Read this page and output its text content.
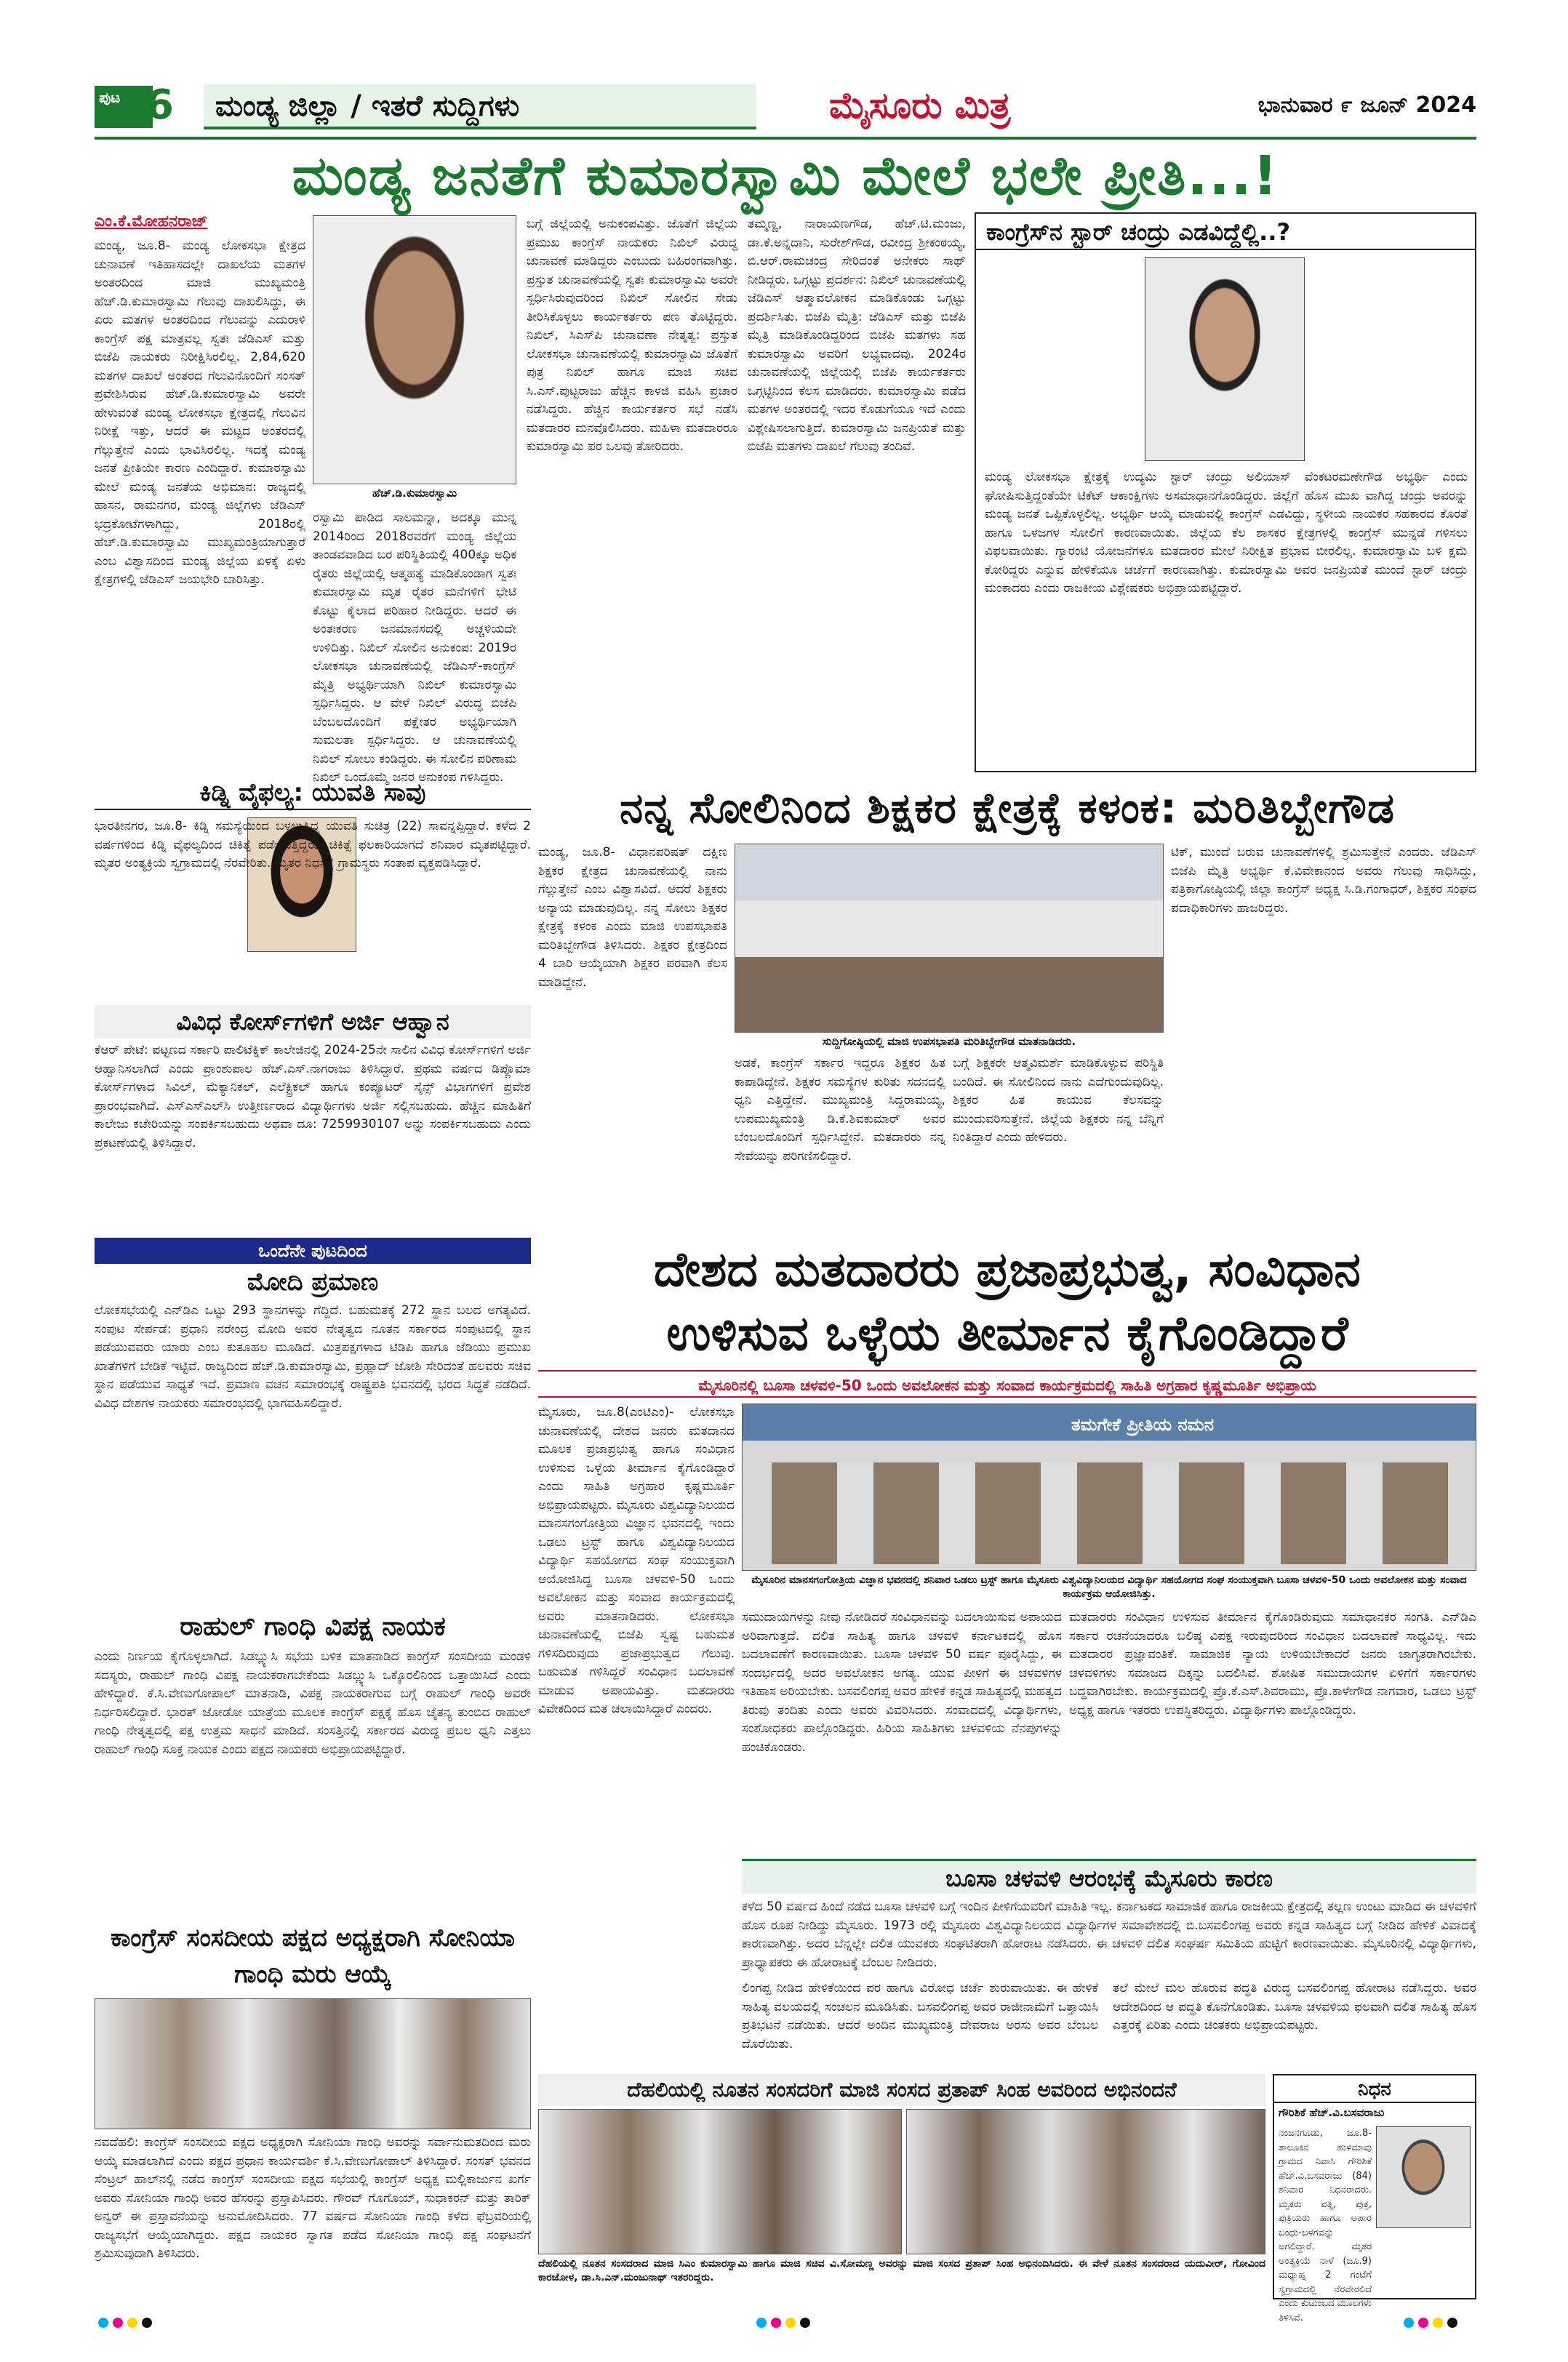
ಪುಟ 6	ಮಂಡ್ಯ ಜಿಲ್ಲಾ / ಇತರೆ ಸುದ್ದಿಗಳು	ಮೈಸೂರು ಮಿತ್ರ	ಭಾನುವಾರ ೯ ಜೂನ್ 2024
ಮಂಡ್ಯ ಜನತೆಗೆ ಕುಮಾರಸ್ವಾಮಿ ಮೇಲೆ ಭಲೇ ಪ್ರೀತಿ...!
ಎಂ.ಕೆ.ಮೋಹನರಾಜ್
ಮಂಡ್ಯ, ಜೂ.8- ಮಂಡ್ಯ ಲೋಕಸಭಾ ಕ್ಷೇತ್ರದ ಚುನಾವಣೆ ಇತಿಹಾಸದಲ್ಲೇ ದಾಖಲೆಯ ಮತಗಳ ಅಂತರದಿಂದ ಮಾಜಿ ಮುಖ್ಯಮಂತ್ರಿ ಹೆಚ್.ಡಿ.ಕುಮಾರಸ್ವಾಮಿ ಗೆಲುವು ದಾಖಲಿಸಿದ್ದು, ಈ ಏರು ಮತಗಳ ಅಂತರದಿಂದ ಗೆಲುವನ್ನು ಎದುರಾಳಿ ಕಾಂಗ್ರೆಸ್ ಪಕ್ಷ ಮಾತ್ರವಲ್ಲ ಸ್ವತಃ ಜೆಡಿಎಸ್ ಮತ್ತು ಬಿಜೆಪಿ ನಾಯಕರು ನಿರೀಕ್ಷಿಸಿರಲಿಲ್ಲ. 2,84,620 ಮತಗಳ ದಾಖಲೆ ಅಂತರದ ಗೆಲುವಿನೊಂದಿಗೆ ಸಂಸತ್ ಪ್ರವೇಶಿಸಿರುವ ಹೆಚ್.ಡಿ.ಕುಮಾರಸ್ವಾಮಿ ಅವರೇ ಹೇಳುವಂತೆ ಮಂಡ್ಯ ಲೋಕಸಭಾ ಕ್ಷೇತ್ರದಲ್ಲಿ ಗೆಲುವಿನ ನಿರೀಕ್ಷೆ ಇತ್ತು, ಆದರೆ ಈ ಮಟ್ಟದ ಅಂತರದಲ್ಲಿ ಗೆಲ್ಲುತ್ತೇನೆ ಎಂದು ಭಾವಿಸಿರಲಿಲ್ಲ. ಇದಕ್ಕೆ ಮಂಡ್ಯ ಜನತೆ ಪ್ರೀತಿಯೇ ಕಾರಣ ಎಂದಿದ್ದಾರೆ. ಕುಮಾರಸ್ವಾಮಿ ಮೇಲೆ ಮಂಡ್ಯ ಜನತೆಯ ಅಭಿಮಾನ: ರಾಜ್ಯದಲ್ಲಿ ಹಾಸನ, ರಾಮನಗರ, ಮಂಡ್ಯ ಜಿಲ್ಲೆಗಳು ಜೆಡಿಎಸ್ ಭದ್ರಕೋಟೆಗಳಾಗಿದ್ದು, 2018ರಲ್ಲಿ ಹೆಚ್.ಡಿ.ಕುಮಾರಸ್ವಾಮಿ ಮುಖ್ಯಮಂತ್ರಿಯಾಗುತ್ತಾರೆ ಎಂಬ ವಿಶ್ವಾಸದಿಂದ ಮಂಡ್ಯ ಜಿಲ್ಲೆಯ ಏಳಕ್ಕೆ ಏಳು ಕ್ಷೇತ್ರಗಳಲ್ಲಿ ಜೆಡಿಎಸ್ ಜಯಭೇರಿ ಬಾರಿಸಿತ್ತು.
ಹೆಚ್.ಡಿ.ಕುಮಾರಸ್ವಾಮಿ
ರಸ್ವಾಮಿ ಪಾಡಿದ ಸಾಲಮನ್ನಾ, ಅದಕ್ಕೂ ಮುನ್ನ 2014ರಿಂದ 2018ರವರೆಗೆ ಮಂಡ್ಯ ಜಿಲ್ಲೆಯ ತಾಂಡವವಾಡಿದ ಬರ ಪರಿಸ್ಥಿತಿಯಲ್ಲಿ 400ಕ್ಕೂ ಅಧಿಕ ರೈತರು ಜಿಲ್ಲೆಯಲ್ಲಿ ಆತ್ಮಹತ್ಯೆ ಮಾಡಿಕೊಂಡಾಗ ಸ್ವತಃ ಕುಮಾರಸ್ವಾಮಿ ಮೃತ ರೈತರ ಮನೆಗಳಿಗೆ ಭೇಟಿ ಕೊಟ್ಟು ಕೈಲಾದ ಪರಿಹಾರ ನೀಡಿದ್ದರು. ಆದರೆ ಈ ಅಂತಃಕರಣ ಜನಮಾನಸದಲ್ಲಿ ಅಚ್ಚಳಿಯದೇ ಉಳಿದಿತ್ತು. ನಿಖಿಲ್ ಸೋಲಿನ ಅನುಕಂಪ: 2019ರ ಲೋಕಸಭಾ ಚುನಾವಣೆಯಲ್ಲಿ ಜೆಡಿಎಸ್-ಕಾಂಗ್ರೆಸ್ ಮೈತ್ರಿ ಅಭ್ಯರ್ಥಿಯಾಗಿ ನಿಖಿಲ್ ಕುಮಾರಸ್ವಾಮಿ ಸ್ಪರ್ಧಿಸಿದ್ದರು. ಆ ವೇಳೆ ನಿಖಿಲ್ ವಿರುದ್ಧ ಬಿಜೆಪಿ ಬೆಂಬಲದೊಂದಿಗೆ ಪಕ್ಷೇತರ ಅಭ್ಯರ್ಥಿಯಾಗಿ ಸುಮಲತಾ ಸ್ಪರ್ಧಿಸಿದ್ದರು. ಆ ಚುನಾವಣೆಯಲ್ಲಿ ನಿಖಿಲ್ ಸೋಲು ಕಂಡಿದ್ದರು. ಈ ಸೋಲಿನ ಪರಿಣಾಮ ನಿಖಿಲ್ ಒಂದೊಮ್ಮೆ ಜನರ ಅನುಕಂಪ ಗಳಿಸಿದ್ದರು.
ಬಗ್ಗೆ ಜಿಲ್ಲೆಯಲ್ಲಿ ಅನುಕಂಪವಿತ್ತು. ಜೊತೆಗೆ ಜಿಲ್ಲೆಯ ಪ್ರಮುಖ ಕಾಂಗ್ರೆಸ್ ನಾಯಕರು ನಿಖಿಲ್ ವಿರುದ್ಧ ಚುನಾವಣೆ ಮಾಡಿದ್ದರು ಎಂಬುದು ಬಹಿರಂಗವಾಗಿತ್ತು. ಪ್ರಸ್ತುತ ಚುನಾವಣೆಯಲ್ಲಿ ಸ್ವತಃ ಕುಮಾರಸ್ವಾಮಿ ಅವರೇ ಸ್ಪರ್ಧಿಸಿರುವುದರಿಂದ ನಿಖಿಲ್ ಸೋಲಿನ ಸೇಡು ತೀರಿಸಿಕೊಳ್ಳಲು ಕಾರ್ಯಕರ್ತರು ಪಣ ತೊಟ್ಟಿದ್ದರು. ನಿಖಿಲ್, ಸಿಎಸ್‌ಪಿ ಚುನಾವಣಾ ನೇತೃತ್ವ: ಪ್ರಸ್ತುತ ಲೋಕಸಭಾ ಚುನಾವಣೆಯಲ್ಲಿ ಕುಮಾರಸ್ವಾಮಿ ಜೊತೆಗೆ ಪುತ್ರ ನಿಖಿಲ್ ಹಾಗೂ ಮಾಜಿ ಸಚಿವ ಸಿ.ಎಸ್.ಪುಟ್ಟರಾಜು ಹೆಚ್ಚಿನ ಕಾಳಜಿ ವಹಿಸಿ ಪ್ರಚಾರ ನಡೆಸಿದ್ದರು. ಹೆಚ್ಚಿನ ಕಾರ್ಯಕರ್ತರ ಸಭೆ ನಡೆಸಿ ಮತದಾರರ ಮನವೊಲಿಸಿದರು. ಮಹಿಳಾ ಮತದಾರರೂ ಕುಮಾರಸ್ವಾಮಿ ಪರ ಒಲವು ತೋರಿದರು.
ತಮ್ಮಣ್ಣ, ನಾರಾಯಣಗೌಡ, ಹೆಚ್.ಟಿ.ಮಂಜು, ಡಾ.ಕೆ.ಅನ್ನದಾನಿ, ಸುರೇಶ್‌ಗೌಡ, ರವೀಂದ್ರ ಶ್ರೀಕಂಠಯ್ಯ, ಬಿ.ಆರ್.ರಾಮಚಂದ್ರ ಸೇರಿದಂತೆ ಅನೇಕರು ಸಾಥ್ ನೀಡಿದ್ದರು. ಒಗ್ಗಟ್ಟು ಪ್ರದರ್ಶನ: ನಿಖಿಲ್ ಚುನಾವಣೆಯಲ್ಲಿ ಜೆಡಿಎಸ್ ಆತ್ಮಾವಲೋಕನ ಮಾಡಿಕೊಂಡು ಒಗ್ಗಟ್ಟು ಪ್ರದರ್ಶಿಸಿತು. ಬಿಜೆಪಿ ಮೈತ್ರಿ: ಜೆಡಿಎಸ್ ಮತ್ತು ಬಿಜೆಪಿ ಮೈತ್ರಿ ಮಾಡಿಕೊಂಡಿದ್ದರಿಂದ ಬಿಜೆಪಿ ಮತಗಳು ಸಹ ಕುಮಾರಸ್ವಾಮಿ ಅವರಿಗೆ ಲಭ್ಯವಾದವು. 2024ರ ಚುನಾವಣೆಯಲ್ಲಿ ಜಿಲ್ಲೆಯಲ್ಲಿ ಬಿಜೆಪಿ ಕಾರ್ಯಕರ್ತರು ಒಗ್ಗಟ್ಟಿನಿಂದ ಕೆಲಸ ಮಾಡಿದರು. ಕುಮಾರಸ್ವಾಮಿ ಪಡೆದ ಮತಗಳ ಅಂತರದಲ್ಲಿ ಇದರ ಕೊಡುಗೆಯೂ ಇದೆ ಎಂದು ವಿಶ್ಲೇಷಿಸಲಾಗುತ್ತಿದೆ. ಕುಮಾರಸ್ವಾಮಿ ಜನಪ್ರಿಯತೆ ಮತ್ತು ಬಿಜೆಪಿ ಮತಗಳು ದಾಖಲೆ ಗೆಲುವು ತಂದಿವೆ.
ಕಾಂಗ್ರೆಸ್‌ನ ಸ್ಟಾರ್ ಚಂದ್ರು ಎಡವಿದ್ದೆಲ್ಲಿ..?
ಮಂಡ್ಯ ಲೋಕಸಭಾ ಕ್ಷೇತ್ರಕ್ಕೆ ಉದ್ಯಮಿ ಸ್ಟಾರ್ ಚಂದ್ರು ಅಲಿಯಾಸ್ ವೆಂಕಟರಮಣೇಗೌಡ ಅಭ್ಯರ್ಥಿ ಎಂದು ಘೋಷಿಸುತ್ತಿದ್ದಂತೆಯೇ ಟಿಕೆಟ್ ಆಕಾಂಕ್ಷಿಗಳು ಅಸಮಾಧಾನಗೊಂಡಿದ್ದರು. ಜಿಲ್ಲೆಗೆ ಹೊಸ ಮುಖ ವಾಗಿದ್ದ ಚಂದ್ರು ಅವರನ್ನು ಮಂಡ್ಯ ಜನತೆ ಒಪ್ಪಿಕೊಳ್ಳಲಿಲ್ಲ. ಅಭ್ಯರ್ಥಿ ಆಯ್ಕೆ ಮಾಡುವಲ್ಲಿ ಕಾಂಗ್ರೆಸ್ ಎಡವಿದ್ದು, ಸ್ಥಳೀಯ ನಾಯಕರ ಸಹಕಾರದ ಕೊರತೆ ಹಾಗೂ ಒಳಜಗಳ ಸೋಲಿಗೆ ಕಾರಣವಾಯಿತು. ಜಿಲ್ಲೆಯ ಕೆಲ ಶಾಸಕರ ಕ್ಷೇತ್ರಗಳಲ್ಲಿ ಕಾಂಗ್ರೆಸ್ ಮುನ್ನಡೆ ಗಳಿಸಲು ವಿಫಲವಾಯಿತು. ಗ್ಯಾರಂಟಿ ಯೋಜನೆಗಳೂ ಮತದಾರರ ಮೇಲೆ ನಿರೀಕ್ಷಿತ ಪ್ರಭಾವ ಬೀರಲಿಲ್ಲ. ಕುಮಾರಸ್ವಾಮಿ ಬಳಿ ಕ್ಷಮೆ ಕೋರಿದ್ದರು ಎನ್ನುವ ಹೇಳಿಕೆಯೂ ಚರ್ಚೆಗೆ ಕಾರಣವಾಗಿತ್ತು. ಕುಮಾರಸ್ವಾಮಿ ಅವರ ಜನಪ್ರಿಯತೆ ಮುಂದೆ ಸ್ಟಾರ್ ಚಂದ್ರು ಮಂಕಾದರು ಎಂದು ರಾಜಕೀಯ ವಿಶ್ಲೇಷಕರು ಅಭಿಪ್ರಾಯಪಟ್ಟಿದ್ದಾರೆ.
ಕಿಡ್ನಿ ವೈಫಲ್ಯ: ಯುವತಿ ಸಾವು
ಭಾರತೀನಗರ, ಜೂ.8- ಕಿಡ್ನಿ ಸಮಸ್ಯೆಯಿಂದ ಬಳಲುತ್ತಿದ್ದ ಯುವತಿ ಸುಚಿತ್ರ (22) ಸಾವನ್ನಪ್ಪಿದ್ದಾರೆ. ಕಳೆದ 2 ವರ್ಷಗಳಿಂದ ಕಿಡ್ನಿ ವೈಫಲ್ಯದಿಂದ ಚಿಕಿತ್ಸೆ ಪಡೆಯುತ್ತಿದ್ದರು. ಚಿಕಿತ್ಸೆ ಫಲಕಾರಿಯಾಗದೆ ಶನಿವಾರ ಮೃತಪಟ್ಟಿದ್ದಾರೆ. ಮೃತರ ಅಂತ್ಯಕ್ರಿಯೆ ಸ್ವಗ್ರಾಮದಲ್ಲಿ ನೆರವೇರಿತು. ಮೃತರ ನಿಧನಕ್ಕೆ ಗ್ರಾಮಸ್ಥರು ಸಂತಾಪ ವ್ಯಕ್ತಪಡಿಸಿದ್ದಾರೆ.
ವಿವಿಧ ಕೋರ್ಸ್‌ಗಳಿಗೆ ಅರ್ಜಿ ಆಹ್ವಾನ
ಕೆಆರ್ ಪೇಟೆ: ಪಟ್ಟಣದ ಸರ್ಕಾರಿ ಪಾಲಿಟೆಕ್ನಿಕ್ ಕಾಲೇಜಿನಲ್ಲಿ 2024-25ನೇ ಸಾಲಿನ ವಿವಿಧ ಕೋರ್ಸ್‌ಗಳಿಗೆ ಅರ್ಜಿ ಆಹ್ವಾನಿಸಲಾಗಿದೆ ಎಂದು ಪ್ರಾಂಶುಪಾಲ ಹೆಚ್.ಎಸ್.ನಾಗರಾಜು ತಿಳಿಸಿದ್ದಾರೆ. ಪ್ರಥಮ ವರ್ಷದ ಡಿಪ್ಲೊಮಾ ಕೋರ್ಸ್‌ಗಳಾದ ಸಿವಿಲ್, ಮೆಕ್ಯಾನಿಕಲ್, ಎಲೆಕ್ಟ್ರಿಕಲ್ ಹಾಗೂ ಕಂಪ್ಯೂಟರ್ ಸೈನ್ಸ್ ವಿಭಾಗಗಳಿಗೆ ಪ್ರವೇಶ ಪ್ರಾರಂಭವಾಗಿದೆ. ಎಸ್‌ಎಸ್‌ಎಲ್‌ಸಿ ಉತ್ತೀರ್ಣರಾದ ವಿದ್ಯಾರ್ಥಿಗಳು ಅರ್ಜಿ ಸಲ್ಲಿಸಬಹುದು. ಹೆಚ್ಚಿನ ಮಾಹಿತಿಗೆ ಕಾಲೇಜು ಕಚೇರಿಯನ್ನು ಸಂಪರ್ಕಿಸಬಹುದು ಅಥವಾ ದೂ: 7259930107 ಅನ್ನು ಸಂಪರ್ಕಿಸಬಹುದು ಎಂದು ಪ್ರಕಟಣೆಯಲ್ಲಿ ತಿಳಿಸಿದ್ದಾರೆ.
ನನ್ನ ಸೋಲಿನಿಂದ ಶಿಕ್ಷಕರ ಕ್ಷೇತ್ರಕ್ಕೆ ಕಳಂಕ: ಮರಿತಿಬ್ಬೇಗೌಡ
ಮಂಡ್ಯ, ಜೂ.8- ವಿಧಾನಪರಿಷತ್ ದಕ್ಷಿಣ ಶಿಕ್ಷಕರ ಕ್ಷೇತ್ರದ ಚುನಾವಣೆಯಲ್ಲಿ ನಾನು ಗೆಲ್ಲುತ್ತೇನೆ ಎಂಬ ವಿಶ್ವಾಸವಿದೆ. ಆದರೆ ಶಿಕ್ಷಕರು ಅನ್ಯಾಯ ಮಾಡುವುದಿಲ್ಲ. ನನ್ನ ಸೋಲು ಶಿಕ್ಷಕರ ಕ್ಷೇತ್ರಕ್ಕೆ ಕಳಂಕ ಎಂದು ಮಾಜಿ ಉಪಸಭಾಪತಿ ಮರಿತಿಬ್ಬೇಗೌಡ ತಿಳಿಸಿದರು. ಶಿಕ್ಷಕರ ಕ್ಷೇತ್ರದಿಂದ 4 ಬಾರಿ ಆಯ್ಕೆಯಾಗಿ ಶಿಕ್ಷಕರ ಪರವಾಗಿ ಕೆಲಸ ಮಾಡಿದ್ದೇನೆ.
ಸುದ್ದಿಗೋಷ್ಠಿಯಲ್ಲಿ ಮಾಜಿ ಉಪಸಭಾಪತಿ ಮರಿತಿಬ್ಬೇಗೌಡ ಮಾತನಾಡಿದರು.
ಅಡಕೆ, ಕಾಂಗ್ರೆಸ್ ಸರ್ಕಾರ ಇದ್ದರೂ ಶಿಕ್ಷಕರ ಹಿತ ಕಾಪಾಡಿದ್ದೇನೆ. ಶಿಕ್ಷಕರ ಸಮಸ್ಯೆಗಳ ಕುರಿತು ಸದನದಲ್ಲಿ ಧ್ವನಿ ಎತ್ತಿದ್ದೇನೆ. ಮುಖ್ಯಮಂತ್ರಿ ಸಿದ್ದರಾಮಯ್ಯ, ಉಪಮುಖ್ಯಮಂತ್ರಿ ಡಿ.ಕೆ.ಶಿವಕುಮಾರ್ ಅವರ ಬೆಂಬಲದೊಂದಿಗೆ ಸ್ಪರ್ಧಿಸಿದ್ದೇನೆ. ಮತದಾರರು ನನ್ನ ಸೇವೆಯನ್ನು ಪರಿಗಣಿಸಲಿದ್ದಾರೆ.
ಬಗ್ಗೆ ಶಿಕ್ಷಕರೇ ಆತ್ಮವಿಮರ್ಶೆ ಮಾಡಿಕೊಳ್ಳುವ ಪರಿಸ್ಥಿತಿ ಬಂದಿದೆ. ಈ ಸೋಲಿನಿಂದ ನಾನು ಎದೆಗುಂದುವುದಿಲ್ಲ. ಶಿಕ್ಷಕರ ಹಿತ ಕಾಯುವ ಕೆಲಸವನ್ನು ಮುಂದುವರಿಸುತ್ತೇನೆ. ಜಿಲ್ಲೆಯ ಶಿಕ್ಷಕರು ನನ್ನ ಬೆನ್ನಿಗೆ ನಿಂತಿದ್ದಾರೆ ಎಂದು ಹೇಳಿದರು.
ಟಿಕ್, ಮುಂದೆ ಬರುವ ಚುನಾವಣೆಗಳಲ್ಲಿ ಶ್ರಮಿಸುತ್ತೇನೆ ಎಂದರು. ಜೆಡಿಎಸ್ ಬಿಜೆಪಿ ಮೈತ್ರಿ ಅಭ್ಯರ್ಥಿ ಕೆ.ವಿವೇಕಾನಂದ ಅವರು ಗೆಲುವು ಸಾಧಿಸಿದ್ದು, ಪತ್ರಿಕಾಗೋಷ್ಠಿಯಲ್ಲಿ ಜಿಲ್ಲಾ ಕಾಂಗ್ರೆಸ್ ಅಧ್ಯಕ್ಷ ಸಿ.ಡಿ.ಗಂಗಾಧರ್, ಶಿಕ್ಷಕರ ಸಂಘದ ಪದಾಧಿಕಾರಿಗಳು ಹಾಜರಿದ್ದರು.
ಒಂದೆನೇ ಪುಟದಿಂದ
ಮೋದಿ ಪ್ರಮಾಣ
ಲೋಕಸಭೆಯಲ್ಲಿ ಎನ್‌ಡಿಎ ಒಟ್ಟು 293 ಸ್ಥಾನಗಳನ್ನು ಗೆದ್ದಿದೆ. ಬಹುಮತಕ್ಕೆ 272 ಸ್ಥಾನ ಬಲದ ಅಗತ್ಯವಿದೆ. ಸಂಪುಟ ಸೇರ್ಪಡೆ: ಪ್ರಧಾನಿ ನರೇಂದ್ರ ಮೋದಿ ಅವರ ನೇತೃತ್ವದ ನೂತನ ಸರ್ಕಾರದ ಸಂಪುಟದಲ್ಲಿ ಸ್ಥಾನ ಪಡೆಯುವವರು ಯಾರು ಎಂಬ ಕುತೂಹಲ ಮೂಡಿದೆ. ಮಿತ್ರಪಕ್ಷಗಳಾದ ಟಿಡಿಪಿ ಹಾಗೂ ಜೆಡಿಯು ಪ್ರಮುಖ ಖಾತೆಗಳಿಗೆ ಬೇಡಿಕೆ ಇಟ್ಟಿವೆ. ರಾಜ್ಯದಿಂದ ಹೆಚ್.ಡಿ.ಕುಮಾರಸ್ವಾಮಿ, ಪ್ರಹ್ಲಾದ್ ಜೋಶಿ ಸೇರಿದಂತೆ ಹಲವರು ಸಚಿವ ಸ್ಥಾನ ಪಡೆಯುವ ಸಾಧ್ಯತೆ ಇದೆ. ಪ್ರಮಾಣ ವಚನ ಸಮಾರಂಭಕ್ಕೆ ರಾಷ್ಟ್ರಪತಿ ಭವನದಲ್ಲಿ ಭರದ ಸಿದ್ಧತೆ ನಡೆದಿದೆ. ವಿವಿಧ ದೇಶಗಳ ನಾಯಕರು ಸಮಾರಂಭದಲ್ಲಿ ಭಾಗವಹಿಸಲಿದ್ದಾರೆ.
ರಾಹುಲ್ ಗಾಂಧಿ ವಿಪಕ್ಷ ನಾಯಕ
ಎಂದು ನಿರ್ಣಯ ಕೈಗೊಳ್ಳಲಾಗಿದೆ. ಸಿಡಬ್ಲ್ಯುಸಿ ಸಭೆಯ ಬಳಿಕ ಮಾತನಾಡಿದ ಕಾಂಗ್ರೆಸ್ ಸಂಸದೀಯ ಮಂಡಳಿ ಸದಸ್ಯರು, ರಾಹುಲ್ ಗಾಂಧಿ ವಿಪಕ್ಷ ನಾಯಕರಾಗಬೇಕೆಂದು ಸಿಡಬ್ಲ್ಯುಸಿ ಒಕ್ಕೊರಲಿನಿಂದ ಒತ್ತಾಯಿಸಿದೆ ಎಂದು ಹೇಳಿದ್ದಾರೆ. ಕೆ.ಸಿ.ವೇಣುಗೋಪಾಲ್ ಮಾತನಾಡಿ, ವಿಪಕ್ಷ ನಾಯಕರಾಗುವ ಬಗ್ಗೆ ರಾಹುಲ್ ಗಾಂಧಿ ಅವರೇ ನಿರ್ಧರಿಸಲಿದ್ದಾರೆ. ಭಾರತ್ ಜೋಡೋ ಯಾತ್ರೆಯ ಮೂಲಕ ಕಾಂಗ್ರೆಸ್ ಪಕ್ಷಕ್ಕೆ ಹೊಸ ಚೈತನ್ಯ ತುಂಬಿದ ರಾಹುಲ್ ಗಾಂಧಿ ನೇತೃತ್ವದಲ್ಲಿ ಪಕ್ಷ ಉತ್ತಮ ಸಾಧನೆ ಮಾಡಿದೆ. ಸಂಸತ್ತಿನಲ್ಲಿ ಸರ್ಕಾರದ ವಿರುದ್ಧ ಪ್ರಬಲ ಧ್ವನಿ ಎತ್ತಲು ರಾಹುಲ್ ಗಾಂಧಿ ಸೂಕ್ತ ನಾಯಕ ಎಂದು ಪಕ್ಷದ ನಾಯಕರು ಅಭಿಪ್ರಾಯಪಟ್ಟಿದ್ದಾರೆ.
ಕಾಂಗ್ರೆಸ್ ಸಂಸದೀಯ ಪಕ್ಷದ ಅಧ್ಯಕ್ಷರಾಗಿ ಸೋನಿಯಾ ಗಾಂಧಿ ಮರು ಆಯ್ಕೆ
ನವದೆಹಲಿ: ಕಾಂಗ್ರೆಸ್ ಸಂಸದೀಯ ಪಕ್ಷದ ಅಧ್ಯಕ್ಷರಾಗಿ ಸೋನಿಯಾ ಗಾಂಧಿ ಅವರನ್ನು ಸರ್ವಾನುಮತದಿಂದ ಮರು ಆಯ್ಕೆ ಮಾಡಲಾಗಿದೆ ಎಂದು ಪಕ್ಷದ ಪ್ರಧಾನ ಕಾರ್ಯದರ್ಶಿ ಕೆ.ಸಿ.ವೇಣುಗೋಪಾಲ್ ತಿಳಿಸಿದ್ದಾರೆ. ಸಂಸತ್ ಭವನದ ಸೆಂಟ್ರಲ್ ಹಾಲ್‌ನಲ್ಲಿ ನಡೆದ ಕಾಂಗ್ರೆಸ್ ಸಂಸದೀಯ ಪಕ್ಷದ ಸಭೆಯಲ್ಲಿ ಕಾಂಗ್ರೆಸ್ ಅಧ್ಯಕ್ಷ ಮಲ್ಲಿಕಾರ್ಜುನ ಖರ್ಗೆ ಅವರು ಸೋನಿಯಾ ಗಾಂಧಿ ಅವರ ಹೆಸರನ್ನು ಪ್ರಸ್ತಾಪಿಸಿದರು. ಗೌರವ್ ಗೊಗೊಯ್, ಸುಧಾಕರನ್ ಮತ್ತು ತಾರಿಕ್ ಅನ್ವರ್ ಈ ಪ್ರಸ್ತಾವನೆಯನ್ನು ಅನುಮೋದಿಸಿದರು. 77 ವರ್ಷದ ಸೋನಿಯಾ ಗಾಂಧಿ ಕಳೆದ ಫೆಬ್ರವರಿಯಲ್ಲಿ ರಾಜ್ಯಸಭೆಗೆ ಆಯ್ಕೆಯಾಗಿದ್ದರು. ಪಕ್ಷದ ನಾಯಕರ ಸ್ವಾಗತ ಪಡೆದ ಸೋನಿಯಾ ಗಾಂಧಿ ಪಕ್ಷ ಸಂಘಟನೆಗೆ ಶ್ರಮಿಸುವುದಾಗಿ ತಿಳಿಸಿದರು.
ದೇಶದ ಮತದಾರರು ಪ್ರಜಾಪ್ರಭುತ್ವ, ಸಂವಿಧಾನ
ಉಳಿಸುವ ಒಳ್ಳೆಯ ತೀರ್ಮಾನ ಕೈಗೊಂಡಿದ್ದಾರೆ
ಮೈಸೂರಿನಲ್ಲಿ ಬೂಸಾ ಚಳವಳಿ-50 ಒಂದು ಅವಲೋಕನ ಮತ್ತು ಸಂವಾದ ಕಾರ್ಯಕ್ರಮದಲ್ಲಿ ಸಾಹಿತಿ ಅಗ್ರಹಾರ ಕೃಷ್ಣಮೂರ್ತಿ ಅಭಿಪ್ರಾಯ
ಮೈಸೂರು, ಜೂ.8(ಎಂಟಿಎಂ)- ಲೋಕಸಭಾ ಚುನಾವಣೆಯಲ್ಲಿ ದೇಶದ ಜನರು ಮತದಾನದ ಮೂಲಕ ಪ್ರಜಾಪ್ರಭುತ್ವ ಹಾಗೂ ಸಂವಿಧಾನ ಉಳಿಸುವ ಒಳ್ಳೆಯ ತೀರ್ಮಾನ ಕೈಗೊಂಡಿದ್ದಾರೆ ಎಂದು ಸಾಹಿತಿ ಅಗ್ರಹಾರ ಕೃಷ್ಣಮೂರ್ತಿ ಅಭಿಪ್ರಾಯಪಟ್ಟರು. ಮೈಸೂರು ವಿಶ್ವವಿದ್ಯಾನಿಲಯದ ಮಾನಸಗಂಗೋತ್ರಿಯ ವಿಜ್ಞಾನ ಭವನದಲ್ಲಿ ಇಂದು ಒಡಲು ಟ್ರಸ್ಟ್ ಹಾಗೂ ವಿಶ್ವವಿದ್ಯಾನಿಲಯದ ವಿದ್ಯಾರ್ಥಿ ಸಹಯೋಗದ ಸಂಘ ಸಂಯುಕ್ತವಾಗಿ ಆಯೋಜಿಸಿದ್ದ ಬೂಸಾ ಚಳವಳಿ-50 ಒಂದು ಅವಲೋಕನ ಮತ್ತು ಸಂವಾದ ಕಾರ್ಯಕ್ರಮದಲ್ಲಿ ಅವರು ಮಾತನಾಡಿದರು. ಲೋಕಸಭಾ ಚುನಾವಣೆಯಲ್ಲಿ ಬಿಜೆಪಿ ಸ್ವಷ್ಟ ಬಹುಮತ ಗಳಿಸದಿರುವುದು ಪ್ರಜಾಪ್ರಭುತ್ವದ ಗೆಲುವು. ಬಹುಮತ ಗಳಿಸಿದ್ದರೆ ಸಂವಿಧಾನ ಬದಲಾವಣೆ ಮಾಡುವ ಅಪಾಯವಿತ್ತು. ಮತದಾರರು ವಿವೇಕದಿಂದ ಮತ ಚಲಾಯಿಸಿದ್ದಾರೆ ಎಂದರು.
ತಮಗೇಕೆ ಪ್ರೀತಿಯ ನಮನ
ಮೈಸೂರಿನ ಮಾನಸಗಂಗೋತ್ರಿಯ ವಿಜ್ಞಾನ ಭವನದಲ್ಲಿ ಶನಿವಾರ ಒಡಲು ಟ್ರಸ್ಟ್ ಹಾಗೂ ಮೈಸೂರು ವಿಶ್ವವಿದ್ಯಾನಿಲಯದ ವಿದ್ಯಾರ್ಥಿ ಸಹಯೋಗದ ಸಂಘ ಸಂಯುಕ್ತವಾಗಿ ಬೂಸಾ ಚಳವಳಿ-50 ಒಂದು ಅವಲೋಕನ ಮತ್ತು ಸಂವಾದ ಕಾರ್ಯಕ್ರಮ ಆಯೋಜಿಸಿತ್ತು.
ಸಮುದಾಯಗಳನ್ನು ನೀವು ನೋಡಿದರೆ ಸಂವಿಧಾನವನ್ನು ಬದಲಾಯಿಸುವ ಅಪಾಯದ ಅರಿವಾಗುತ್ತದೆ. ದಲಿತ ಸಾಹಿತ್ಯ ಹಾಗೂ ಚಳವಳಿ ಕರ್ನಾಟಕದಲ್ಲಿ ಹೊಸ ಬದಲಾವಣೆಗೆ ಕಾರಣವಾಯಿತು. ಬೂಸಾ ಚಳವಳಿ 50 ವರ್ಷ ಪೂರೈಸಿದ್ದು, ಈ ಸಂದರ್ಭದಲ್ಲಿ ಅದರ ಅವಲೋಕನ ಅಗತ್ಯ. ಯುವ ಪೀಳಿಗೆ ಈ ಚಳವಳಿಗಳ ಇತಿಹಾಸ ಅರಿಯಬೇಕು. ಬಸವಲಿಂಗಪ್ಪ ಅವರ ಹೇಳಿಕೆ ಕನ್ನಡ ಸಾಹಿತ್ಯದಲ್ಲಿ ಮಹತ್ವದ ತಿರುವು ತಂದಿತು ಎಂದು ಅವರು ವಿವರಿಸಿದರು. ಸಂವಾದದಲ್ಲಿ ವಿದ್ಯಾರ್ಥಿಗಳು, ಸಂಶೋಧಕರು ಪಾಲ್ಗೊಂಡಿದ್ದರು. ಹಿರಿಯ ಸಾಹಿತಿಗಳು ಚಳವಳಿಯ ನೆನಪುಗಳನ್ನು ಹಂಚಿಕೊಂಡರು.
ಬೂಸಾ ಚಳವಳಿ ಆರಂಭಕ್ಕೆ ಮೈಸೂರು ಕಾರಣ
ಕಳೆದ 50 ವರ್ಷದ ಹಿಂದೆ ನಡೆದ ಬೂಸಾ ಚಳವಳಿ ಬಗ್ಗೆ ಇಂದಿನ ಪೀಳಿಗೆಯವರಿಗೆ ಮಾಹಿತಿ ಇಲ್ಲ. ಕರ್ನಾಟಕದ ಸಾಮಾಜಿಕ ಹಾಗೂ ರಾಜಕೀಯ ಕ್ಷೇತ್ರದಲ್ಲಿ ತಲ್ಲಣ ಉಂಟು ಮಾಡಿದ ಈ ಚಳವಳಿಗೆ ಹೊಸ ರೂಪ ನೀಡಿದ್ದು ಮೈಸೂರು. 1973 ರಲ್ಲಿ ಮೈಸೂರು ವಿಶ್ವವಿದ್ಯಾನಿಲಯದ ವಿದ್ಯಾರ್ಥಿಗಳ ಸಮಾವೇಶದಲ್ಲಿ ಬಿ.ಬಸವಲಿಂಗಪ್ಪ ಅವರು ಕನ್ನಡ ಸಾಹಿತ್ಯದ ಬಗ್ಗೆ ನೀಡಿದ ಹೇಳಿಕೆ ವಿವಾದಕ್ಕೆ ಕಾರಣವಾಗಿತ್ತು. ಅದರ ಬೆನ್ನಲ್ಲೇ ದಲಿತ ಯುವಕರು ಸಂಘಟಿತರಾಗಿ ಹೋರಾಟ ನಡೆಸಿದರು. ಈ ಚಳವಳಿ ದಲಿತ ಸಂಘರ್ಷ ಸಮಿತಿಯ ಹುಟ್ಟಿಗೆ ಕಾರಣವಾಯಿತು. ಮೈಸೂರಿನಲ್ಲಿ ವಿದ್ಯಾರ್ಥಿಗಳು, ಪ್ರಾಧ್ಯಾಪಕರು ಈ ಹೋರಾಟಕ್ಕೆ ಬೆಂಬಲ ನೀಡಿದರು.
ಲಿಂಗಪ್ಪ ನೀಡಿದ ಹೇಳಿಕೆಯಿಂದ ಪರ ಹಾಗೂ ವಿರೋಧ ಚರ್ಚೆ ಶುರುವಾಯಿತು. ಈ ಹೇಳಿಕೆ ಸಾಹಿತ್ಯ ವಲಯದಲ್ಲಿ ಸಂಚಲನ ಮೂಡಿಸಿತು. ಬಸವಲಿಂಗಪ್ಪ ಅವರ ರಾಜೀನಾಮೆಗೆ ಒತ್ತಾಯಿಸಿ ಪ್ರತಿಭಟನೆ ನಡೆಯಿತು. ಆದರೆ ಅಂದಿನ ಮುಖ್ಯಮಂತ್ರಿ ದೇವರಾಜ ಅರಸು ಅವರ ಬೆಂಬಲ ದೊರೆಯಿತು.
ತಲೆ ಮೇಲೆ ಮಲ ಹೊರುವ ಪದ್ಧತಿ ವಿರುದ್ಧ ಬಸವಲಿಂಗಪ್ಪ ಹೋರಾಟ ನಡೆಸಿದ್ದರು. ಅವರ ಆದೇಶದಿಂದ ಆ ಪದ್ಧತಿ ಕೊನೆಗೊಂಡಿತು. ಬೂಸಾ ಚಳವಳಿಯ ಫಲವಾಗಿ ದಲಿತ ಸಾಹಿತ್ಯ ಹೊಸ ಎತ್ತರಕ್ಕೆ ಏರಿತು ಎಂದು ಚಿಂತಕರು ಅಭಿಪ್ರಾಯಪಟ್ಟರು.
ಮತದಾರರು ಸಂವಿಧಾನ ಉಳಿಸುವ ತೀರ್ಮಾನ ಕೈಗೊಂಡಿರುವುದು ಸಮಾಧಾನಕರ ಸಂಗತಿ. ಎನ್‌ಡಿಎ ಸರ್ಕಾರ ರಚನೆಯಾದರೂ ಬಲಿಷ್ಠ ವಿಪಕ್ಷ ಇರುವುದರಿಂದ ಸಂವಿಧಾನ ಬದಲಾವಣೆ ಸಾಧ್ಯವಿಲ್ಲ. ಇದು ಮತದಾರರ ಪ್ರಜ್ಞಾವಂತಿಕೆ. ಸಾಮಾಜಿಕ ನ್ಯಾಯ ಉಳಿಯಬೇಕಾದರೆ ಜನರು ಜಾಗೃತರಾಗಿರಬೇಕು. ಚಳವಳಿಗಳು ಸಮಾಜದ ದಿಕ್ಕನ್ನು ಬದಲಿಸಿವೆ. ಶೋಷಿತ ಸಮುದಾಯಗಳ ಏಳಿಗೆಗೆ ಸರ್ಕಾರಗಳು ಬದ್ಧವಾಗಿರಬೇಕು. ಕಾರ್ಯಕ್ರಮದಲ್ಲಿ ಪ್ರೊ.ಕೆ.ಎಸ್.ಶಿವರಾಮು, ಪ್ರೊ.ಕಾಳೇಗೌಡ ನಾಗವಾರ, ಒಡಲು ಟ್ರಸ್ಟ್ ಅಧ್ಯಕ್ಷ ಹಾಗೂ ಇತರರು ಉಪಸ್ಥಿತರಿದ್ದರು. ವಿದ್ಯಾರ್ಥಿಗಳು ಪಾಲ್ಗೊಂಡಿದ್ದರು.
ದೆಹಲಿಯಲ್ಲಿ ನೂತನ ಸಂಸದರಿಗೆ ಮಾಜಿ ಸಂಸದ ಪ್ರತಾಪ್ ಸಿಂಹ ಅವರಿಂದ ಅಭಿನಂದನೆ
ದೆಹಲಿಯಲ್ಲಿ ನೂತನ ಸಂಸದರಾದ ಮಾಜಿ ಸಿಎಂ ಕುಮಾರಸ್ವಾಮಿ ಹಾಗೂ ಮಾಜಿ ಸಚಿವ ವಿ.ಸೋಮಣ್ಣ ಅವರನ್ನು ಮಾಜಿ ಸಂಸದ ಪ್ರತಾಪ್ ಸಿಂಹ ಅಭಿನಂದಿಸಿದರು. ಈ ವೇಳೆ ನೂತನ ಸಂಸದರಾದ ಯದುವೀರ್, ಗೋವಿಂದ ಕಾರಜೋಳ, ಡಾ.ಸಿ.ಎನ್.ಮಂಜುನಾಥ್ ಇತರರಿದ್ದರು.
ನಿಧನ
ಗೌರಿಶಿಕೆ ಹೆಚ್.ವಿ.ಬಸವರಾಜು
ನಂಜನಗೂಡು, ಜೂ.8- ತಾಲೂಕಿನ ಹುಳಿಮಾವು ಗ್ರಾಮದ ನಿವಾಸಿ ಗೌರಿಶಿಕೆ ಹೆಚ್.ವಿ.ಬಸವರಾಜು (84) ಶನಿವಾರ ನಿಧನರಾದರು. ಮೃತರು ಪತ್ನಿ, ಪುತ್ರ, ಪುತ್ರಿಯರು ಹಾಗೂ ಅಪಾರ ಬಂಧು-ಬಳಗವನ್ನು ಅಗಲಿದ್ದಾರೆ. ಮೃತರ ಅಂತ್ಯಕ್ರಿಯೆ ನಾಳೆ (ಜೂ.9) ಮಧ್ಯಾಹ್ನ 2 ಗಂಟೆಗೆ ಸ್ವಗ್ರಾಮದಲ್ಲಿ ನೆರವೇರಲಿದೆ ಎಂದು ಕುಟುಂಬದ ಮೂಲಗಳು ತಿಳಿಸಿವೆ.
